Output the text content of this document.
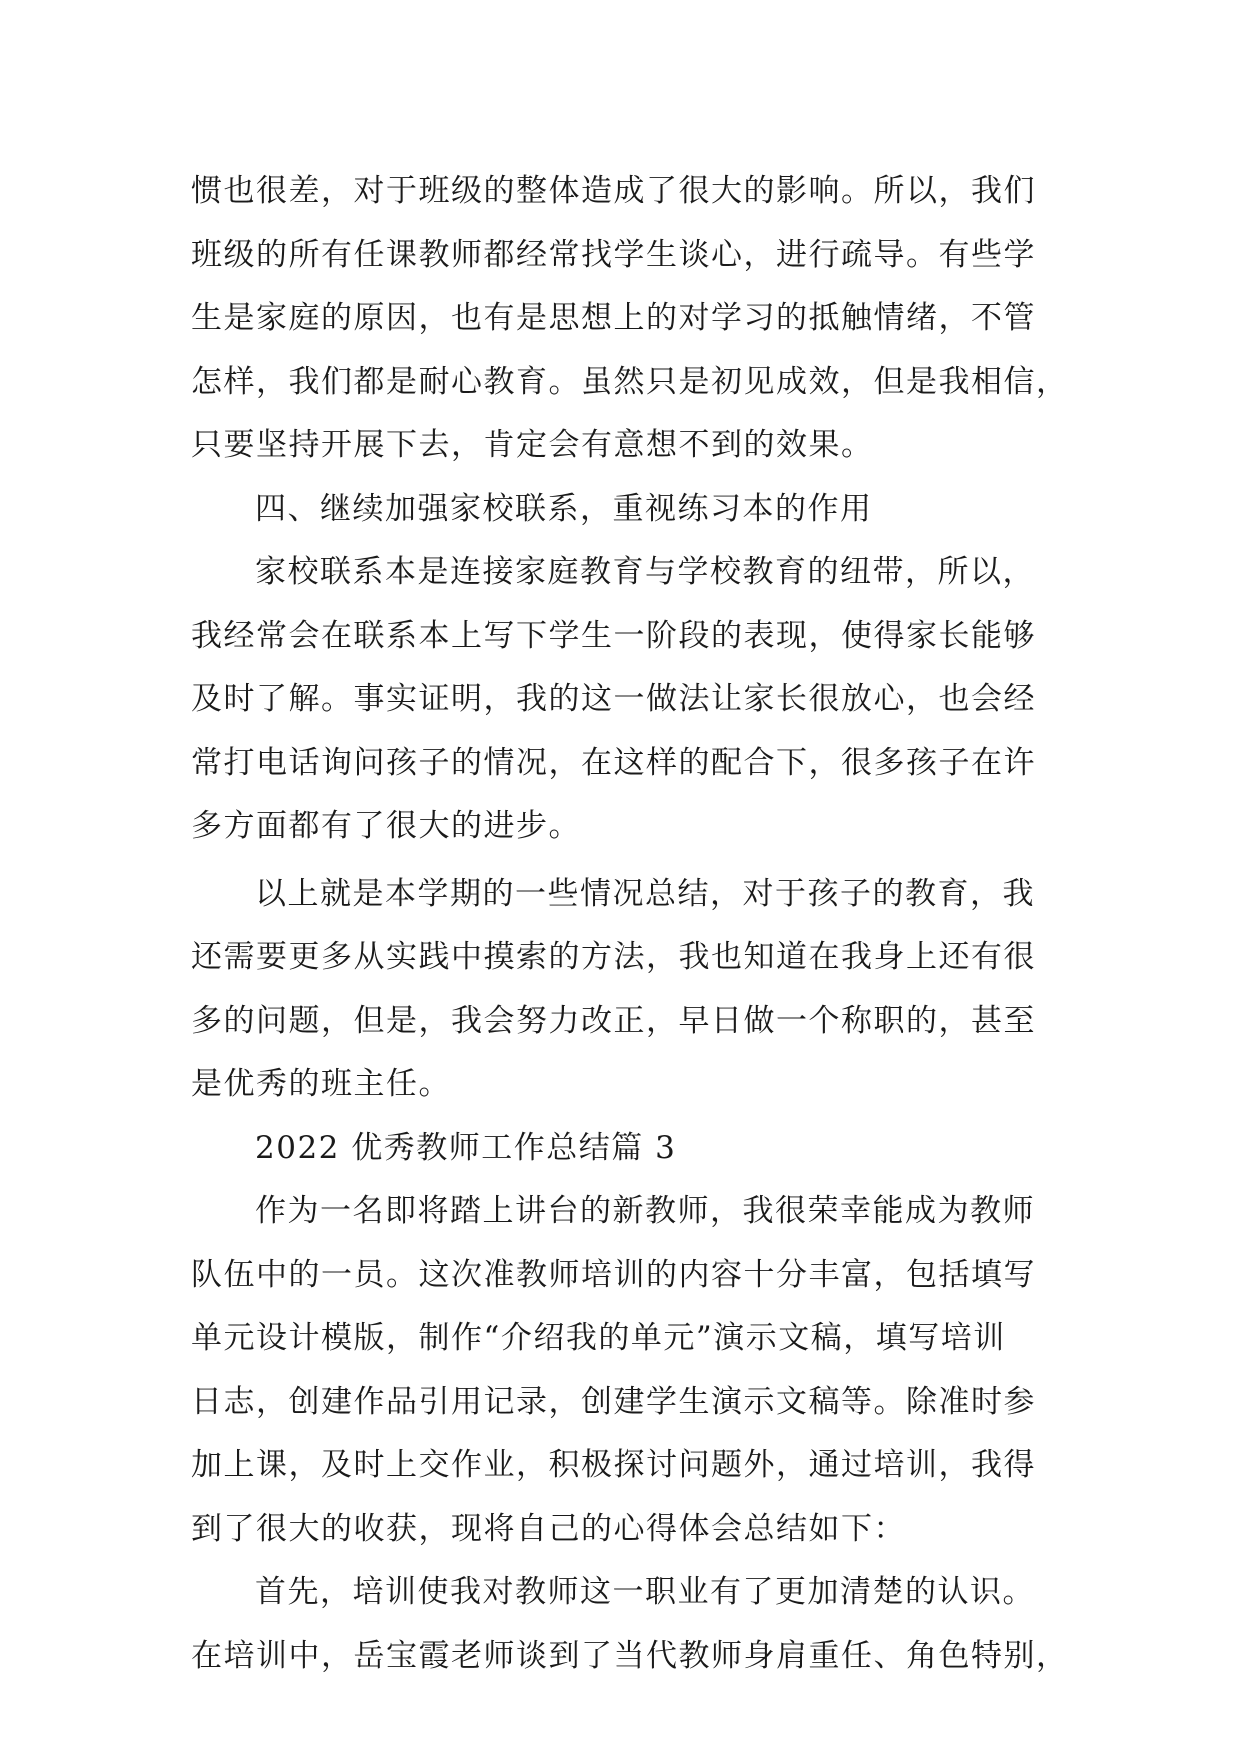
惯也很差，对于班级的整体造成了很大的影响。所以，我们
班级的所有任课教师都经常找学生谈心，进行疏导。有些学
生是家庭的原因，也有是思想上的对学习的抵触情绪，不管
怎样，我们都是耐心教育。虽然只是初见成效，但是我相信，
只要坚持开展下去，肯定会有意想不到的效果。
四、继续加强家校联系，重视练习本的作用
家校联系本是连接家庭教育与学校教育的纽带，所以，
我经常会在联系本上写下学生一阶段的表现，使得家长能够
及时了解。事实证明，我的这一做法让家长很放心，也会经
常打电话询问孩子的情况，在这样的配合下，很多孩子在许
多方面都有了很大的进步。
以上就是本学期的一些情况总结，对于孩子的教育，我
还需要更多从实践中摸索的方法，我也知道在我身上还有很
多的问题，但是，我会努力改正，早日做一个称职的，甚至
是优秀的班主任。
2022 优秀教师工作总结篇 3
作为一名即将踏上讲台的新教师，我很荣幸能成为教师
队伍中的一员。这次准教师培训的内容十分丰富，包括填写
单元设计模版，制作“介绍我的单元”演示文稿，填写培训
日志，创建作品引用记录，创建学生演示文稿等。除准时参
加上课，及时上交作业，积极探讨问题外，通过培训，我得
到了很大的收获，现将自己的心得体会总结如下：
首先，培训使我对教师这一职业有了更加清楚的认识。
在培训中，岳宝霞老师谈到了当代教师身肩重任、角色特别，
